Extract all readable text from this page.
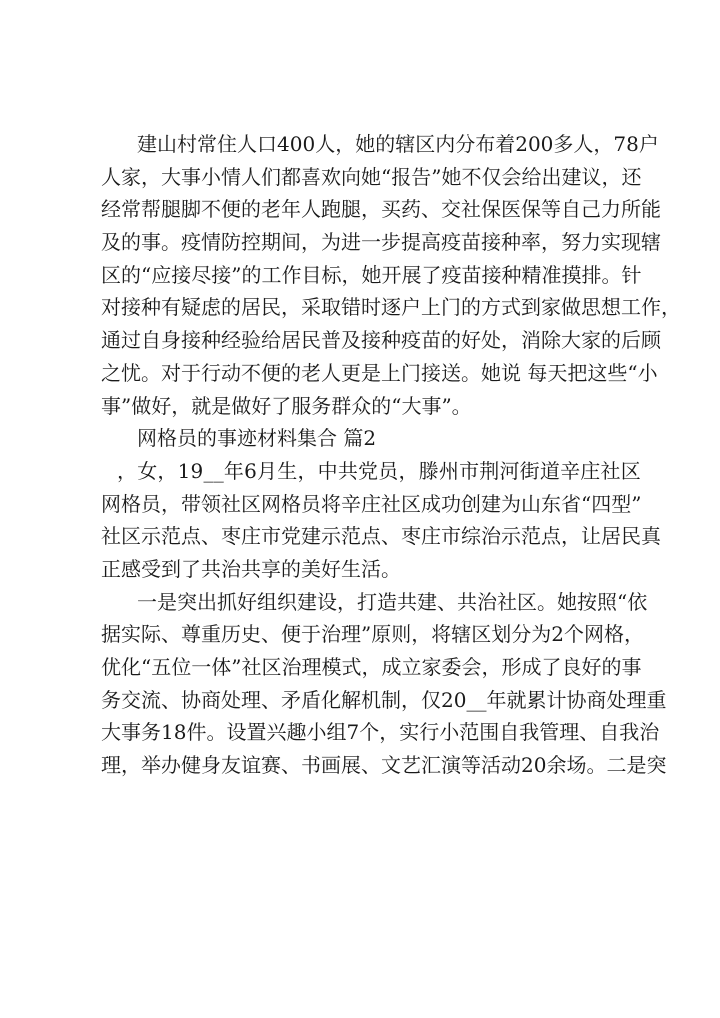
建 山 村 常 住 人 口 4 0 0 人 ， 她 的 辖 区 内 分 布 着 2 0 0 多 人 ， 7 8 户
人 家 ， 大 事 小 情 人 们 都 喜 欢 向 她 “ 报 告 ” 她 不 仅 会 给 出 建 议 ， 还
经 常 帮 腿 脚 不 便 的 老 年 人 跑 腿 ， 买 药 、 交 社 保 医 保 等 自 己 力 所 能
及 的 事 。 疫 情 防 控 期 间 ， 为 进 一 步 提 高 疫 苗 接 种 率 ， 努 力 实 现 辖
区 的 “ 应 接 尽 接 ” 的 工 作 目 标 ， 她 开 展 了 疫 苗 接 种 精 准 摸 排 。 针
对 接 种 有 疑 虑 的 居 民 ， 采 取 错 时 逐 户 上 门 的 方 式 到 家 做 思 想 工 作 ，
通 过 自 身 接 种 经 验 给 居 民 普 及 接 种 疫 苗 的 好 处 ， 消 除 大 家 的 后 顾
之 忧 。 对 于 行 动 不 便 的 老 人 更 是 上 门 接 送 。 她 说
每 天 把 这 些 “ 小
事”做好，就是做好了服务群众的“大事”。
网格员的事迹材料集合 篇2
， 女 ， 1 9 _ _ 年 6 月 生 ， 中 共 党 员 ， 滕 州 市 荆 河 街 道 辛 庄 社 区
网 格 员 ， 带 领 社 区 网 格 员 将 辛 庄 社 区 成 功 创 建 为 山 东 省 “ 四 型 ”
社 区 示 范 点 、 枣 庄 市 党 建 示 范 点 、 枣 庄 市 综 治 示 范 点 ， 让 居 民 真
正感受到了共治共享的美好生活。
一 是 突 出 抓 好 组 织 建 设 ， 打 造 共 建 、 共 治 社 区 。 她 按 照 “ 依
据 实 际 、 尊 重 历 史 、 便 于 治 理 ” 原 则 ， 将 辖 区 划 分 为 2 个 网 格 ，
优 化 “ 五 位 一 体 ” 社 区 治 理 模 式 ， 成 立 家 委 会 ， 形 成 了 良 好 的 事
务 交 流 、 协 商 处 理 、 矛 盾 化 解 机 制 ， 仅 2 0 _ _ 年 就 累 计 协 商 处 理 重
大 事 务 1 8 件 。 设 置 兴 趣 小 组 7 个 ， 实 行 小 范 围 自 我 管 理 、 自 我 治
理，举办健身友谊赛、书画展、文艺汇演等活动20余场。二是突
